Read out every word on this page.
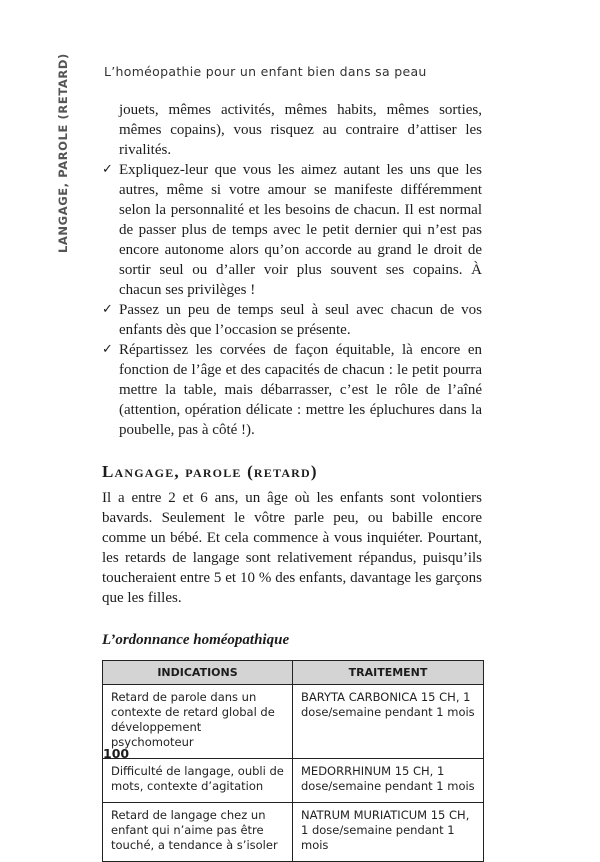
L’homéopathie pour un enfant bien dans sa peau
LANGAGE, PAROLE (RETARD)	jouets, mêmes activités, mêmes habits, mêmes sorties, mêmes copains), vous risquez au contraire d’attiser les rivalités.

✓ Expliquez-leur que vous les aimez autant les uns que les autres, même si votre amour se manifeste différemment selon la personnalité et les besoins de chacun. Il est normal de passer plus de temps avec le petit dernier qui n’est pas encore autonome alors qu’on accorde au grand le droit de sortir seul ou d’aller voir plus souvent ses copains. À chacun ses privilèges !

✓ Passez un peu de temps seul à seul avec chacun de vos enfants dès que l’occasion se présente.

✓ Répartissez les corvées de façon équitable, là encore en fonction de l’âge et des capacités de chacun : le petit pourra mettre la table, mais débarrasser, c’est le rôle de l’aîné (attention, opération délicate : mettre les épluchures dans la poubelle, pas à côté !).

Langage, parole (retard)

Il a entre 2 et 6 ans, un âge où les enfants sont volontiers bavards. Seulement le vôtre parle peu, ou babille encore comme un bébé. Et cela commence à vous inquiéter. Pourtant, les retards de langage sont relativement répandus, puisqu’ils toucheraient entre 5 et 10 % des enfants, davantage les garçons que les filles.

L’ordonnance homéopathique
INDICATIONS	TRAITEMENT
Retard de parole dans un contexte de retard global de développement psychomoteur	BARYTA CARBONICA 15 CH, 1 dose/semaine pendant 1 mois
Difficulté de langage, oubli de mots, contexte d’agitation	MEDORRHINUM 15 CH, 1 dose/semaine pendant 1 mois
Retard de langage chez un enfant qui n’aime pas être touché, a tendance à s’isoler	NATRUM MURIATICUM 15 CH, 1 dose/semaine pendant 1 mois
100
